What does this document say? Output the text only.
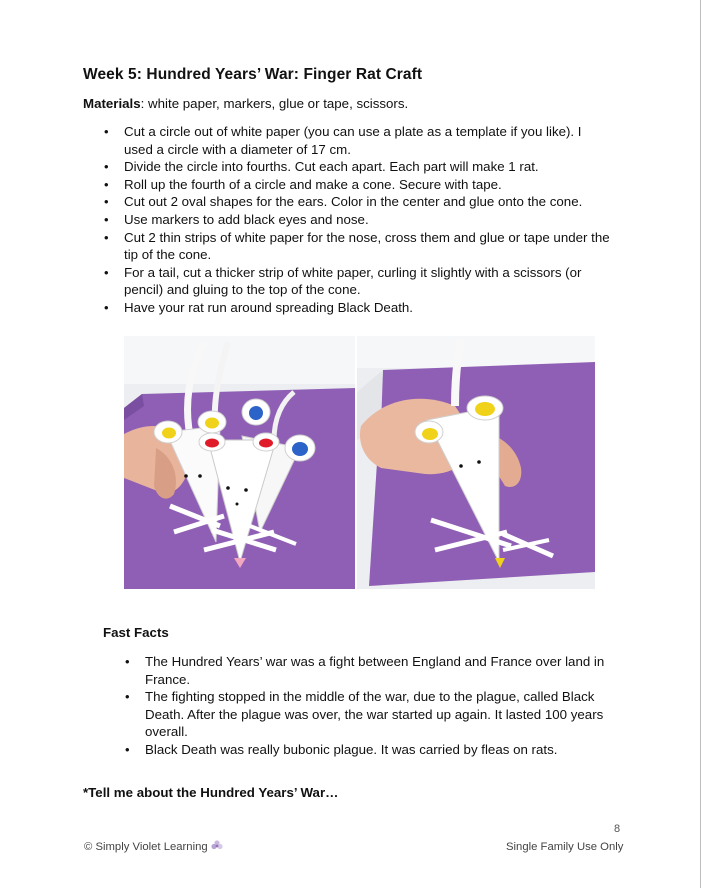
Week 5: Hundred Years’ War: Finger Rat Craft

Materials: white paper, markers, glue or tape, scissors.

• Cut a circle out of white paper (you can use a plate as a template if you like). I used a circle with a diameter of 17 cm.
• Divide the circle into fourths. Cut each apart. Each part will make 1 rat.
• Roll up the fourth of a circle and make a cone. Secure with tape.
• Cut out 2 oval shapes for the ears. Color in the center and glue onto the cone.
• Use markers to add black eyes and nose.
• Cut 2 thin strips of white paper for the nose, cross them and glue or tape under the tip of the cone.
• For a tail, cut a thicker strip of white paper, curling it slightly with a scissors (or pencil) and gluing to the top of the cone.
• Have your rat run around spreading Black Death.

Fast Facts

• The Hundred Years’ war was a fight between England and France over land in France.
• The fighting stopped in the middle of the war, due to the plague, called Black Death. After the plague was over, the war started up again. It lasted 100 years overall.
• Black Death was really bubonic plague. It was carried by fleas on rats.

*Tell me about the Hundred Years’ War…

8
© Simply Violet Learning	Single Family Use Only
